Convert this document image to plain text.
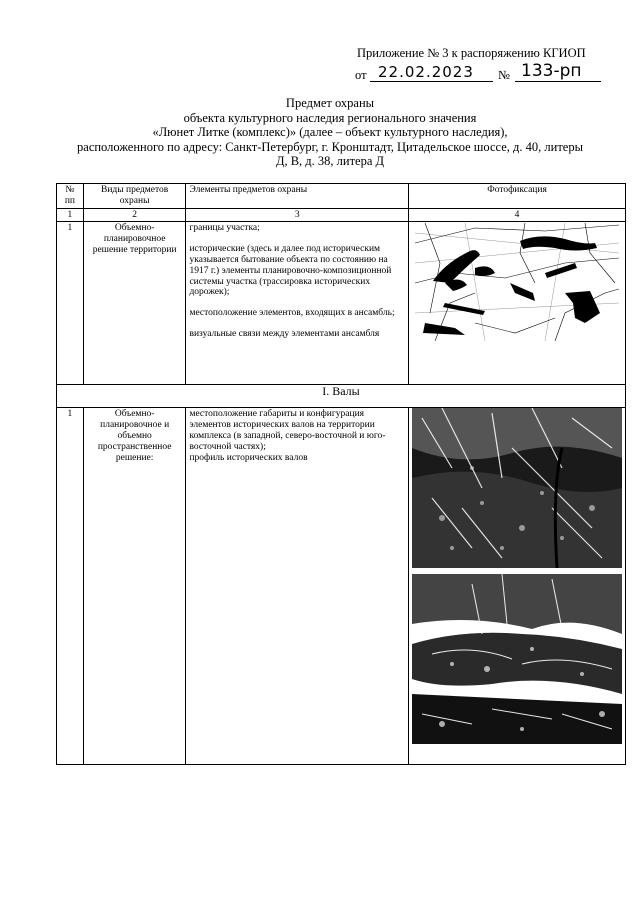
Приложение № 3 к распоряжению КГИОП
от 22.02.2023	№ 133-рп
Предмет охраны
объекта культурного наследия регионального значения
«Люнет Литке (комплекс)» (далее – объект культурного наследия),
расположенного по адресу: Санкт-Петербург, г. Кронштадт, Цитадельское шоссе, д. 40, литеры
Д, В, д. 38, литера Д
№ пп	Виды предметов охраны	Элементы предметов охраны	Фотофиксация
1	2	3	4
1	Объемно-планировочное решение территории	границы участка;
исторические (здесь и далее под историческим указывается бытование объекта по состоянию на 1917 г.) элементы планировочно-композиционной системы участка (трассировка исторических дорожек);
местоположение элементов, входящих в ансамбль;
визуальные связи между элементами ансамбля

I. Валы			
1	Объемно-планировочное и объемно пространственное решение:	местоположение габариты и конфигурация элементов исторических валов на территории комплекса (в западной, северо-восточной и юго-восточной частях);
профиль исторических валов
